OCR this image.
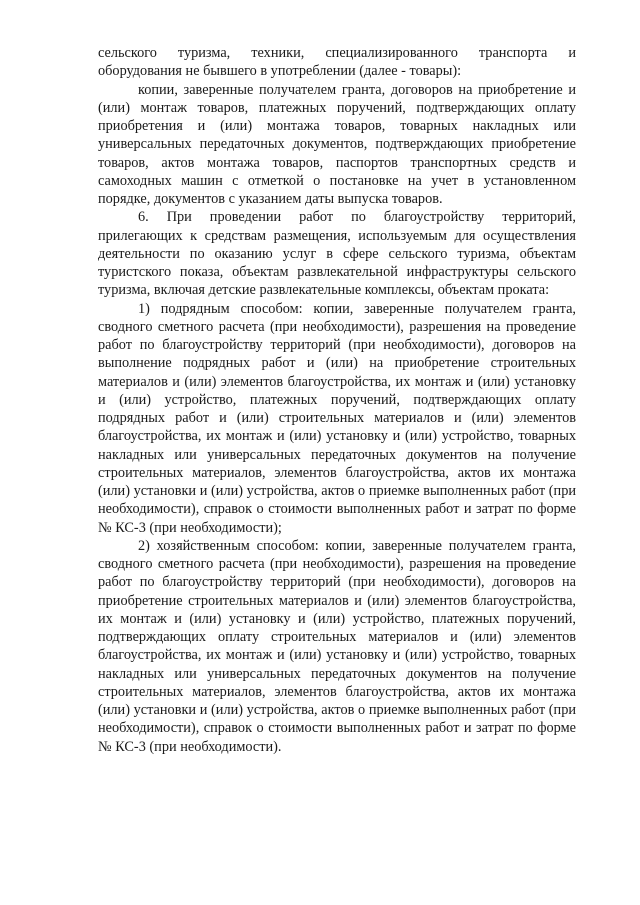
сельского туризма, техники, специализированного транспорта и оборудования не бывшего в употреблении (далее - товары):

копии, заверенные получателем гранта, договоров на приобретение и (или) монтаж товаров, платежных поручений, подтверждающих оплату приобретения и (или) монтажа товаров, товарных накладных или универсальных передаточных документов, подтверждающих приобретение товаров, актов монтажа товаров, паспортов транспортных средств и самоходных машин с отметкой о постановке на учет в установленном порядке, документов с указанием даты выпуска товаров.

6. При проведении работ по благоустройству территорий, прилегающих к средствам размещения, используемым для осуществления деятельности по оказанию услуг в сфере сельского туризма, объектам туристского показа, объектам развлекательной инфраструктуры сельского туризма, включая детские развлекательные комплексы, объектам проката:

1) подрядным способом: копии, заверенные получателем гранта, сводного сметного расчета (при необходимости), разрешения на проведение работ по благоустройству территорий (при необходимости), договоров на выполнение подрядных работ и (или) на приобретение строительных материалов и (или) элементов благоустройства, их монтаж и (или) установку и (или) устройство, платежных поручений, подтверждающих оплату подрядных работ и (или) строительных материалов и (или) элементов благоустройства, их монтаж и (или) установку и (или) устройство, товарных накладных или универсальных передаточных документов на получение строительных материалов, элементов благоустройства, актов их монтажа (или) установки и (или) устройства, актов о приемке выполненных работ (при необходимости), справок о стоимости выполненных работ и затрат по форме № КС-3 (при необходимости);

2) хозяйственным способом: копии, заверенные получателем гранта, сводного сметного расчета (при необходимости), разрешения на проведение работ по благоустройству территорий (при необходимости), договоров на приобретение строительных материалов и (или) элементов благоустройства, их монтаж и (или) установку и (или) устройство, платежных поручений, подтверждающих оплату строительных материалов и (или) элементов благоустройства, их монтаж и (или) установку и (или) устройство, товарных накладных или универсальных передаточных документов на получение строительных материалов, элементов благоустройства, актов их монтажа (или) установки и (или) устройства, актов о приемке выполненных работ (при необходимости), справок о стоимости выполненных работ и затрат по форме № КС-3 (при необходимости).
